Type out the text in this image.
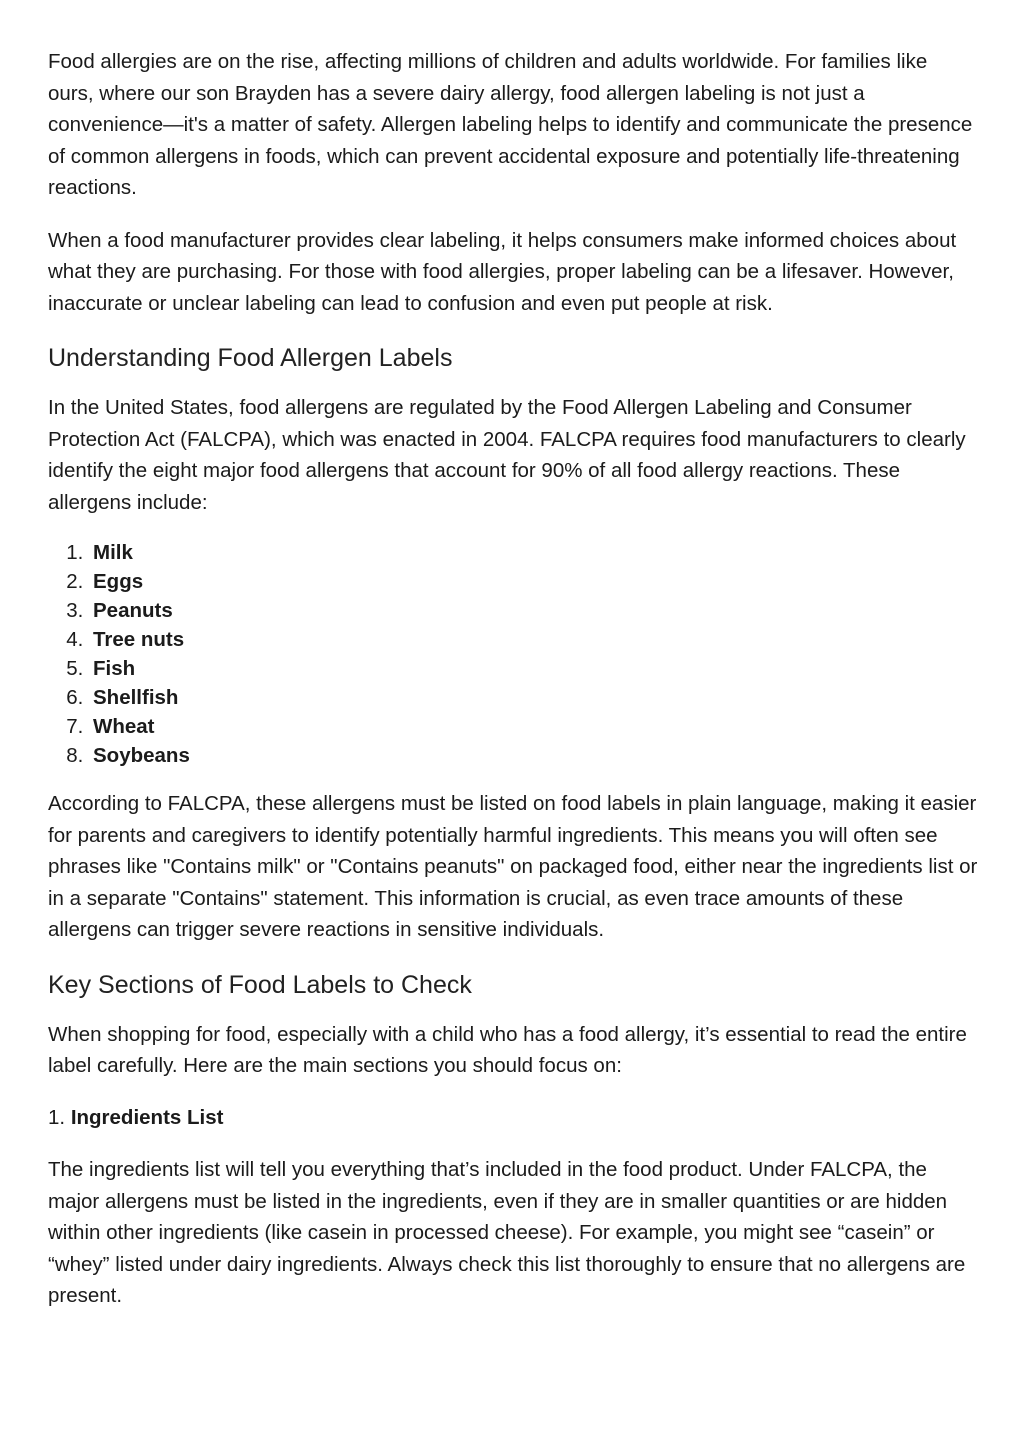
Food allergies are on the rise, affecting millions of children and adults worldwide. For families like ours, where our son Brayden has a severe dairy allergy, food allergen labeling is not just a convenience—it's a matter of safety. Allergen labeling helps to identify and communicate the presence of common allergens in foods, which can prevent accidental exposure and potentially life-threatening reactions.

When a food manufacturer provides clear labeling, it helps consumers make informed choices about what they are purchasing. For those with food allergies, proper labeling can be a lifesaver. However, inaccurate or unclear labeling can lead to confusion and even put people at risk.

Understanding Food Allergen Labels

In the United States, food allergens are regulated by the Food Allergen Labeling and Consumer Protection Act (FALCPA), which was enacted in 2004. FALCPA requires food manufacturers to clearly identify the eight major food allergens that account for 90% of all food allergy reactions. These allergens include:

1. Milk
2. Eggs
3. Peanuts
4. Tree nuts
5. Fish
6. Shellfish
7. Wheat
8. Soybeans

According to FALCPA, these allergens must be listed on food labels in plain language, making it easier for parents and caregivers to identify potentially harmful ingredients. This means you will often see phrases like "Contains milk" or "Contains peanuts" on packaged food, either near the ingredients list or in a separate "Contains" statement. This information is crucial, as even trace amounts of these allergens can trigger severe reactions in sensitive individuals.

Key Sections of Food Labels to Check

When shopping for food, especially with a child who has a food allergy, it’s essential to read the entire label carefully. Here are the main sections you should focus on:

1. Ingredients List

The ingredients list will tell you everything that’s included in the food product. Under FALCPA, the major allergens must be listed in the ingredients, even if they are in smaller quantities or are hidden within other ingredients (like casein in processed cheese). For example, you might see “casein” or “whey” listed under dairy ingredients. Always check this list thoroughly to ensure that no allergens are present.
